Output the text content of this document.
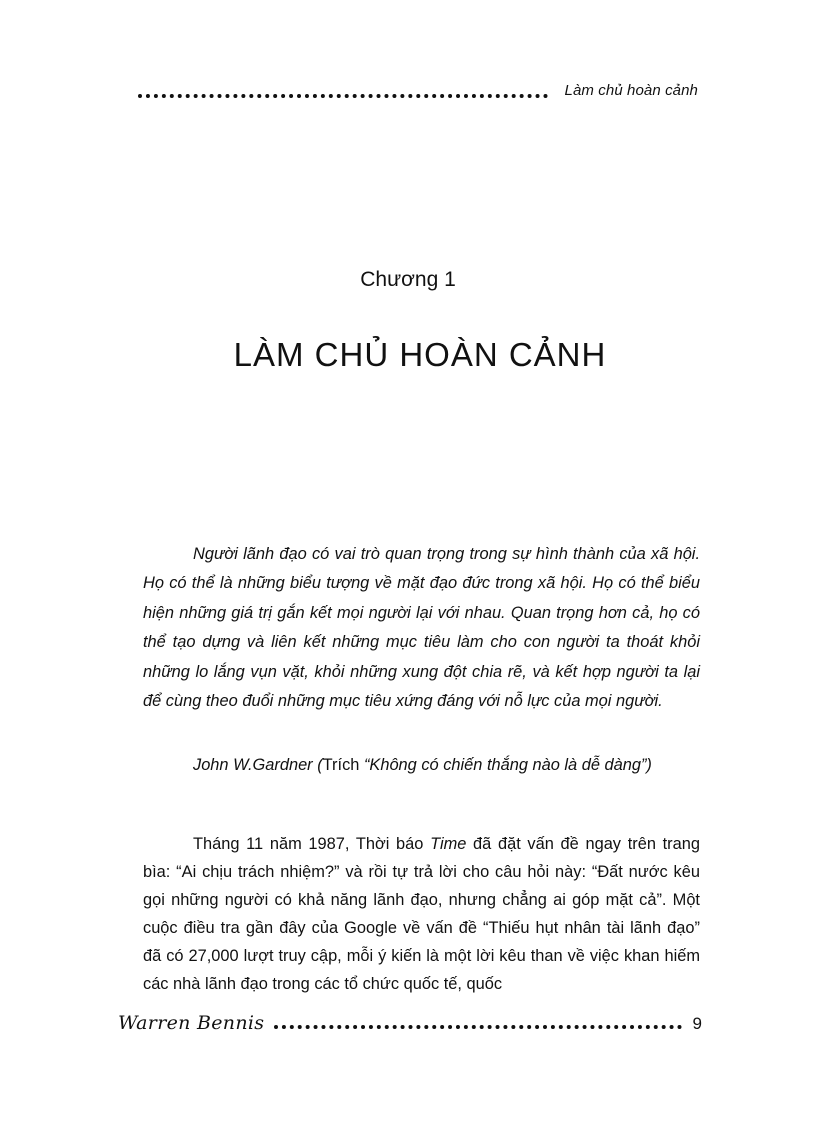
Làm chủ hoàn cảnh
Chương 1
LÀM CHỦ HOÀN CẢNH

Người lãnh đạo có vai trò quan trọng trong sự hình thành của xã hội. Họ có thể là những biểu tượng về mặt đạo đức trong xã hội. Họ có thể biểu hiện những giá trị gắn kết mọi người lại với nhau. Quan trọng hơn cả, họ có thể tạo dựng và liên kết những mục tiêu làm cho con người ta thoát khỏi những lo lắng vụn vặt, khỏi những xung đột chia rẽ, và kết hợp người ta lại để cùng theo đuổi những mục tiêu xứng đáng với nỗ lực của mọi người.

John W.Gardner (Trích “Không có chiến thắng nào là dễ dàng”)

Tháng 11 năm 1987, Thời báo Time đã đặt vấn đề ngay trên trang bìa: “Ai chịu trách nhiệm?” và rồi tự trả lời cho câu hỏi này: “Đất nước kêu gọi những người có khả năng lãnh đạo, nhưng chẳng ai góp mặt cả”. Một cuộc điều tra gần đây của Google về vấn đề “Thiếu hụt nhân tài lãnh đạo” đã có 27,000 lượt truy cập, mỗi ý kiến là một lời kêu than về việc khan hiếm các nhà lãnh đạo trong các tổ chức quốc tế, quốc

Warren Bennis	9
